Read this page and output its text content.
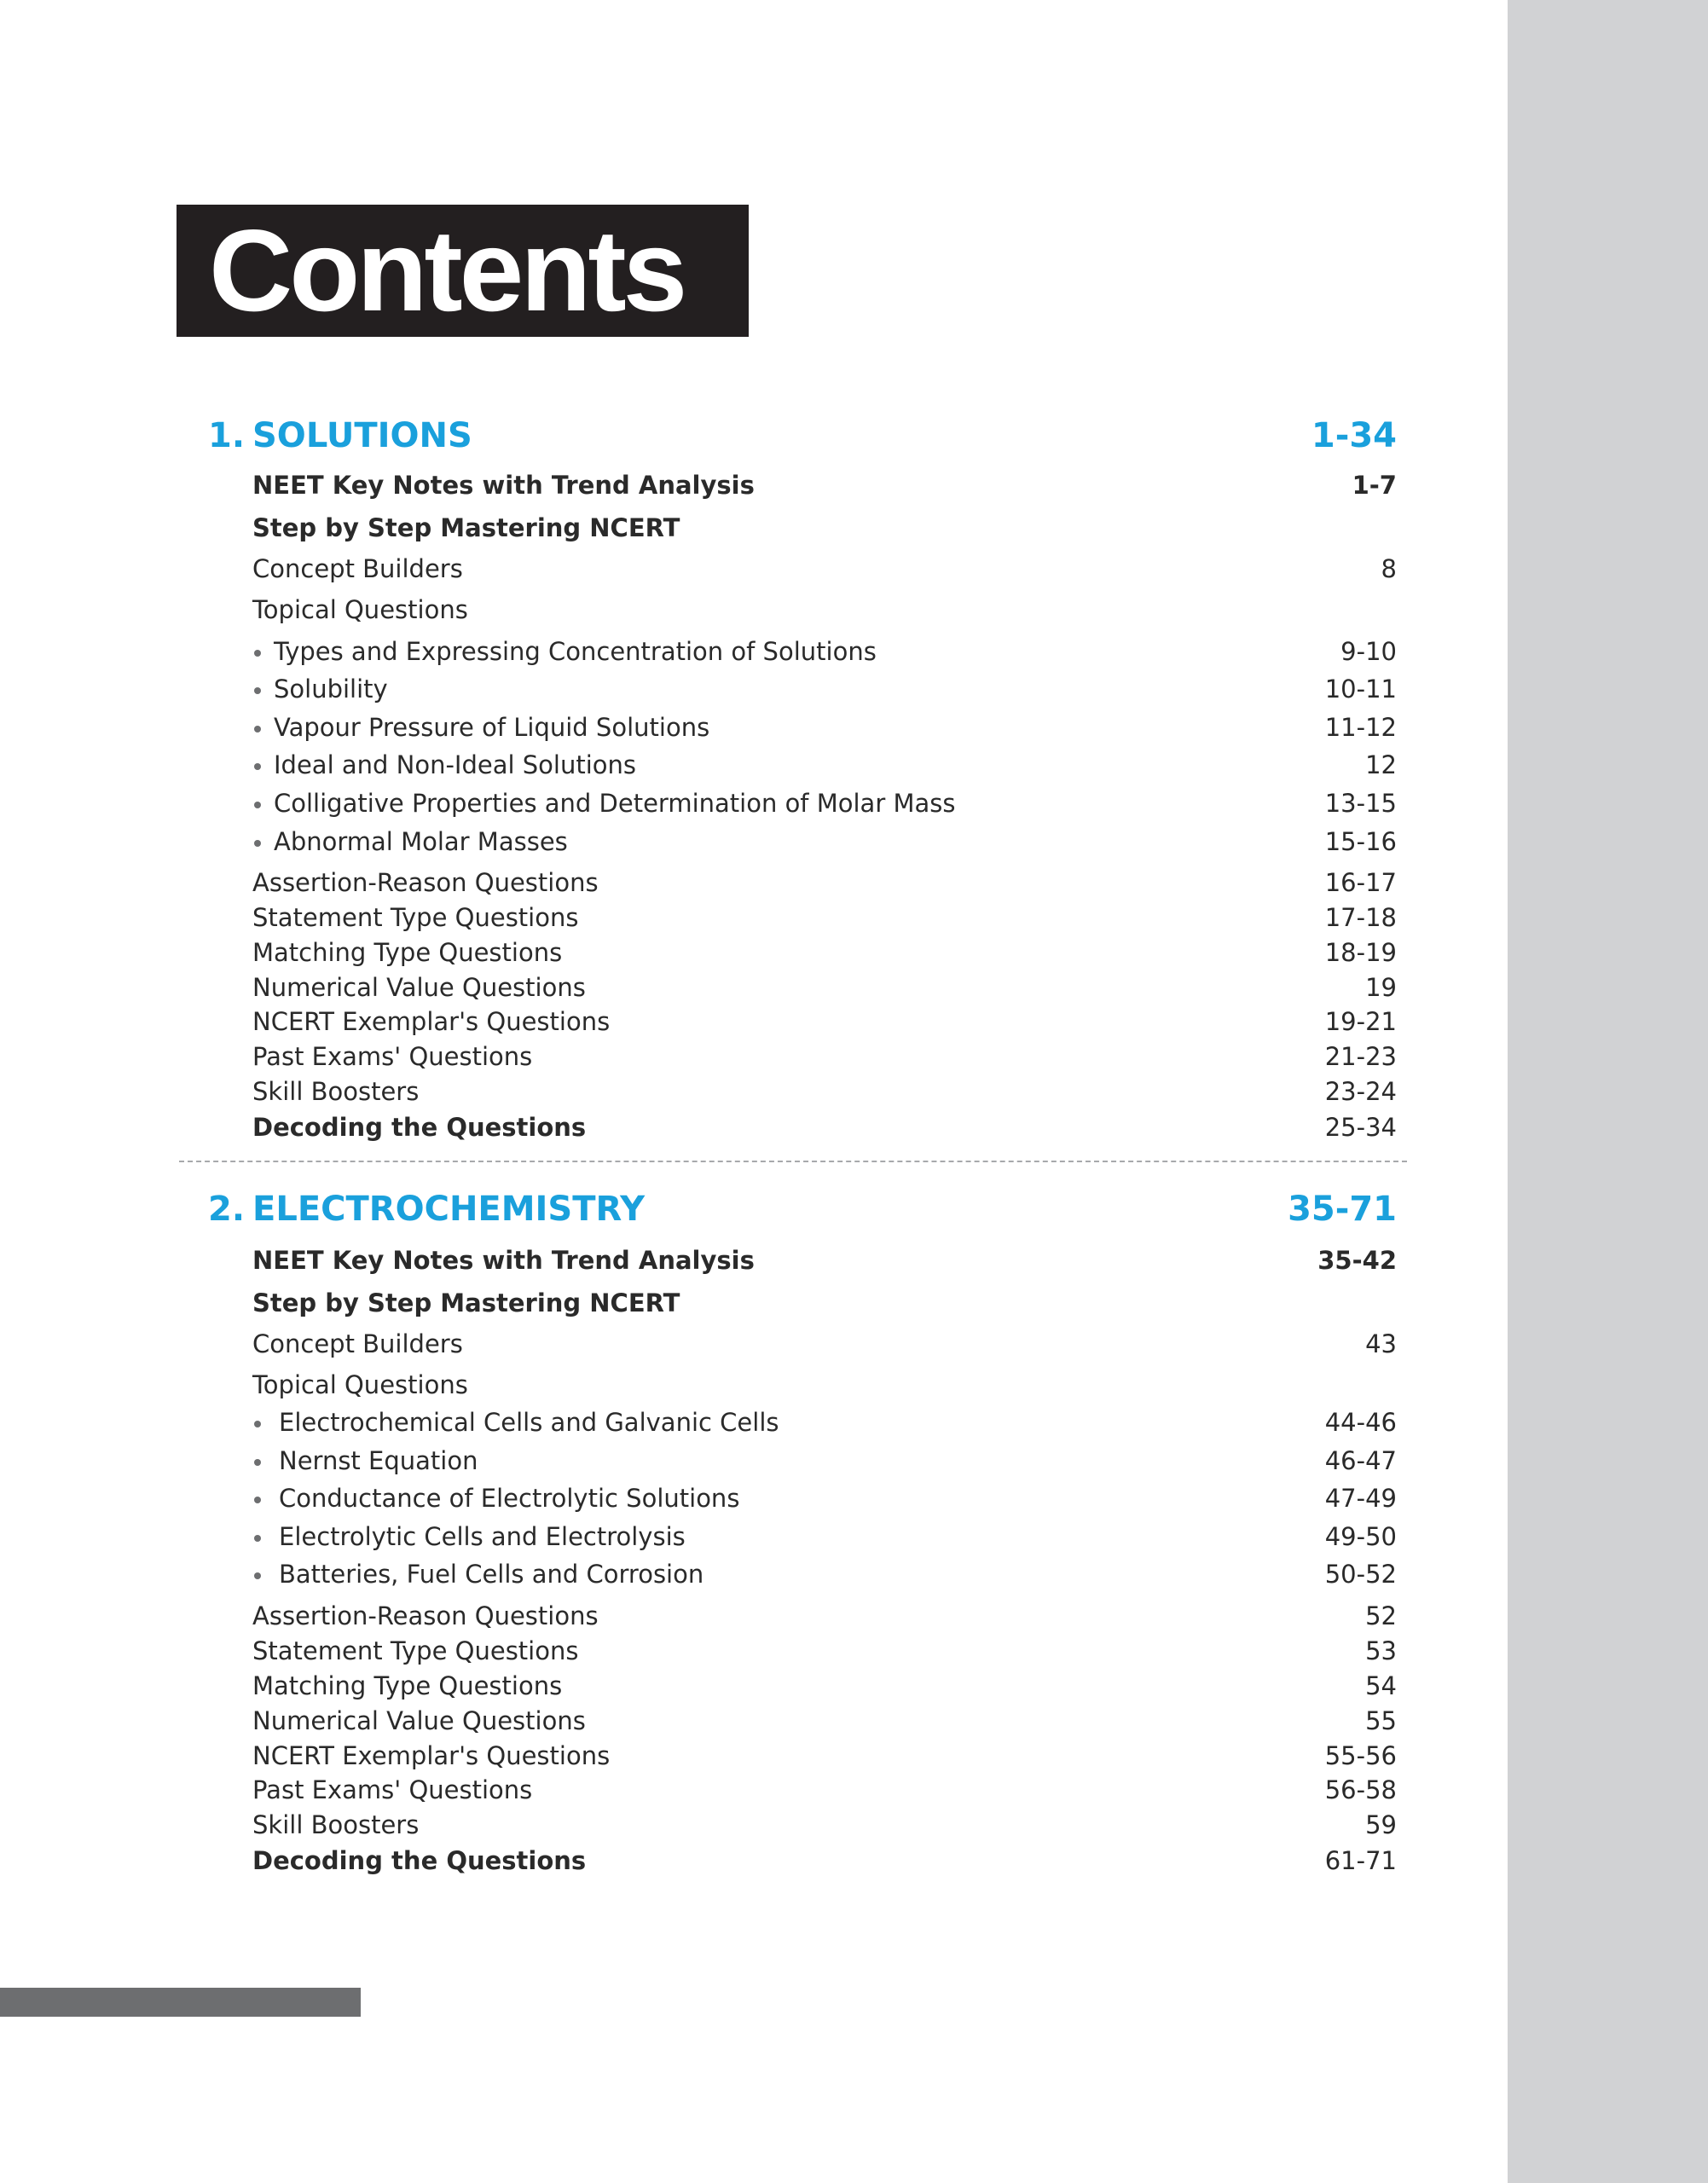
Contents
1. SOLUTIONS	1-34
NEET Key Notes with Trend Analysis	1-7
Step by Step Mastering NCERT
Concept Builders	8
Topical Questions
Types and Expressing Concentration of Solutions	9-10
Solubility	10-11
Vapour Pressure of Liquid Solutions	11-12
Ideal and Non-Ideal Solutions	12
Colligative Properties and Determination of Molar Mass	13-15
Abnormal Molar Masses	15-16
Assertion-Reason Questions	16-17
Statement Type Questions	17-18
Matching Type Questions	18-19
Numerical Value Questions	19
NCERT Exemplar's Questions	19-21
Past Exams' Questions	21-23
Skill Boosters	23-24
Decoding the Questions	25-34
2. ELECTROCHEMISTRY	35-71
NEET Key Notes with Trend Analysis	35-42
Step by Step Mastering NCERT
Concept Builders	43
Topical Questions
Electrochemical Cells and Galvanic Cells	44-46
Nernst Equation	46-47
Conductance of Electrolytic Solutions	47-49
Electrolytic Cells and Electrolysis	49-50
Batteries, Fuel Cells and Corrosion	50-52
Assertion-Reason Questions	52
Statement Type Questions	53
Matching Type Questions	54
Numerical Value Questions	55
NCERT Exemplar's Questions	55-56
Past Exams' Questions	56-58
Skill Boosters	59
Decoding the Questions	61-71
